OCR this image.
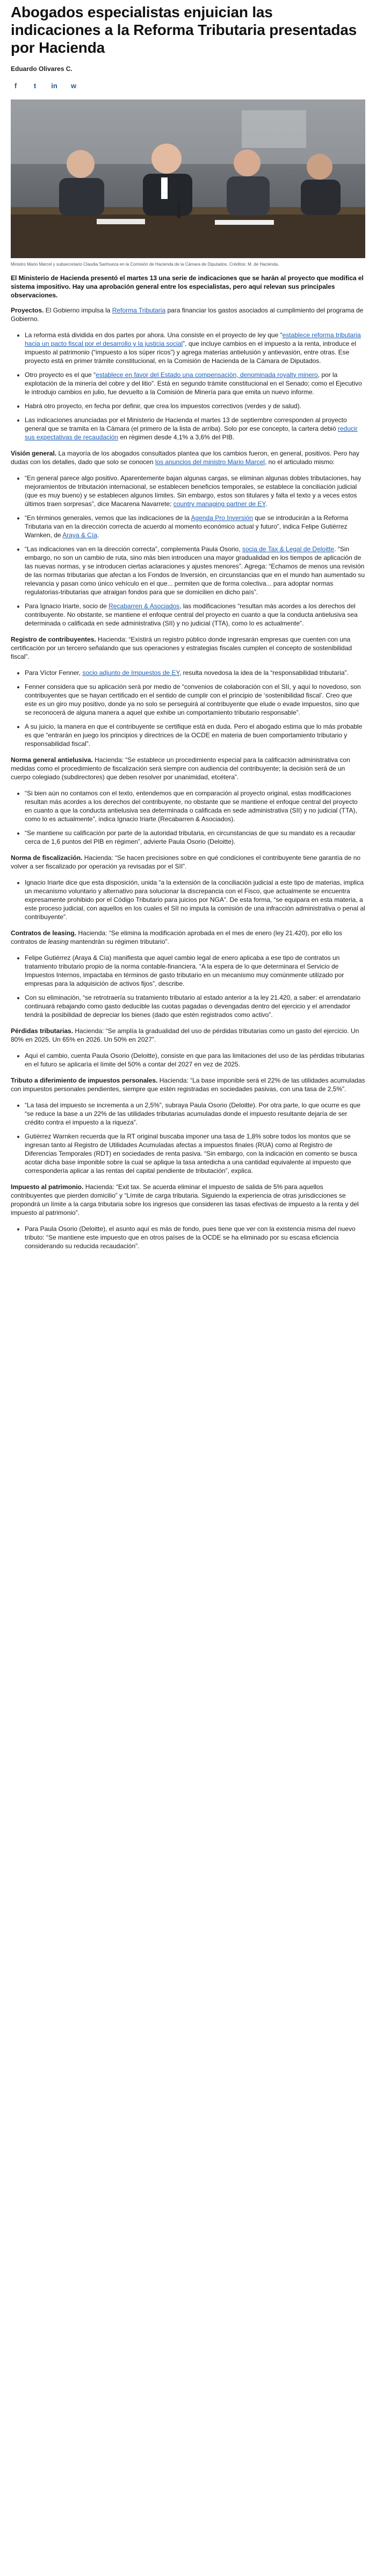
Abogados especialistas enjuician las indicaciones a la Reforma Tributaria presentadas por Hacienda
Eduardo Olivares C.
f	t	in	w
Ministro Mario Marcel y subsecretario Claudia Sanhueza en la Comisión de Hacienda de la Cámara de Diputados. Créditos: M. de Hacienda.
El Ministerio de Hacienda presentó el martes 13 una serie de indicaciones que se harán al proyecto que modifica el sistema impositivo. Hay una aprobación general entre los especialistas, pero aquí relevan sus principales observaciones.

Proyectos. El Gobierno impulsa la Reforma Tributaria para financiar los gastos asociados al cumplimiento del programa de Gobierno.

• La reforma está dividida en dos partes por ahora. Una consiste en el proyecto de ley que “establece reforma tributaria hacia un pacto fiscal por el desarrollo y la justicia social”, que incluye cambios en el impuesto a la renta, introduce el impuesto al patrimonio (“impuesto a los súper ricos”) y agrega materias antielusión y antievasión, entre otras. Ese proyecto está en primer trámite constitucional, en la Comisión de Hacienda de la Cámara de Diputados.
• Otro proyecto es el que “establece en favor del Estado una compensación, denominada royalty minero, por la explotación de la minería del cobre y del litio”. Está en segundo trámite constitucional en el Senado; como el Ejecutivo le introdujo cambios en julio, fue devuelto a la Comisión de Minería para que emita un nuevo informe.
• Habrá otro proyecto, en fecha por definir, que crea los impuestos correctivos (verdes y de salud).
• Las indicaciones anunciadas por el Ministerio de Hacienda el martes 13 de septiembre corresponden al proyecto general que se tramita en la Cámara (el primero de la lista de arriba). Solo por ese concepto, la cartera debió reducir sus expectativas de recaudación en régimen desde 4,1% a 3,6% del PIB.

Visión general. La mayoría de los abogados consultados plantea que los cambios fueron, en general, positivos. Pero hay dudas con los detalles, dado que solo se conocen los anuncios del ministro Mario Marcel, no el articulado mismo:

• “En general parece algo positivo. Aparentemente bajan algunas cargas, se eliminan algunas dobles tributaciones, hay mejoramientos de tributación internacional, se establecen beneficios temporales, se establece la conciliación judicial (que es muy bueno) y se establecen algunos límites. Sin embargo, estos son titulares y falta el texto y a veces estos últimos traen sorpresas”, dice Macarena Navarrete; country managing partner de EY.
• “En términos generales, vemos que las indicaciones de la Agenda Pro Inversión que se introducirán a la Reforma Tributaria van en la dirección correcta de acuerdo al momento económico actual y futuro”, indica Felipe Gutiérrez Warnken, de Araya & Cía.
• “Las indicaciones van en la dirección correcta”, complementa Paula Osorio, socia de Tax & Legal de Deloitte. “Sin embargo, no son un cambio de ruta, sino más bien introducen una mayor gradualidad en los tiempos de aplicación de las nuevas normas, y se introducen ciertas aclaraciones y ajustes menores”. Agrega: “Echamos de menos una revisión de las normas tributarias que afectan a los Fondos de Inversión, en circunstancias que en el mundo han aumentado su relevancia y pasan como único vehículo en el que... permiten que de forma colectiva... para adoptar normas regulatorias-tributarias que atraigan fondos para que se domicilien en dicho país”.
• Para Ignacio Iriarte, socio de Recabarren & Asociados, las modificaciones “resultan más acordes a los derechos del contribuyente. No obstante, se mantiene el enfoque central del proyecto en cuanto a que la conducta antielusiva sea determinada o calificada en sede administrativa (SII) y no judicial (TTA), como lo es actualmente”.

Registro de contribuyentes. Hacienda: “Existirá un registro público donde ingresarán empresas que cuenten con una certificación por un tercero señalando que sus operaciones y estrategias fiscales cumplen el concepto de sostenibilidad fiscal”.

• Para Víctor Fenner, socio adjunto de Impuestos de EY, resulta novedosa la idea de la “responsabilidad tributaria”.
• Fenner considera que su aplicación será por medio de “convenios de colaboración con el SII, y aquí lo novedoso, son contribuyentes que se hayan certificado en el sentido de cumplir con el principio de ‘sostenibilidad fiscal’. Creo que este es un giro muy positivo, donde ya no solo se perseguirá al contribuyente que elude o evade impuestos, sino que se reconocerá de alguna manera a aquel que exhibe un comportamiento tributario responsable”.
• A su juicio, la manera en que el contribuyente se certifique está en duda. Pero el abogado estima que lo más probable es que “entrarán en juego los principios y directrices de la OCDE en materia de buen comportamiento tributario y responsabilidad fiscal”.

Norma general antielusiva. Hacienda: “Se establece un procedimiento especial para la calificación administrativa con medidas como el procedimiento de fiscalización será siempre con audiencia del contribuyente; la decisión será de un cuerpo colegiado (subdirectores) que deben resolver por unanimidad, etcétera”.

• “Si bien aún no contamos con el texto, entendemos que en comparación al proyecto original, estas modificaciones resultan más acordes a los derechos del contribuyente, no obstante que se mantiene el enfoque central del proyecto en cuanto a que la conducta antielusiva sea determinada o calificada en sede administrativa (SII) y no judicial (TTA), como lo es actualmente”, indica Ignacio Iriarte (Recabarren & Asociados).
• “Se mantiene su calificación por parte de la autoridad tributaria, en circunstancias de que su mandato es a recaudar cerca de 1,6 puntos del PIB en régimen”, advierte Paula Osorio (Deloitte).

Norma de fiscalización. Hacienda: “Se hacen precisiones sobre en qué condiciones el contribuyente tiene garantía de no volver a ser fiscalizado por operación ya revisadas por el SII”.

• Ignacio Iriarte dice que esta disposición, unida “a la extensión de la conciliación judicial a este tipo de materias, implica un mecanismo voluntario y alternativo para solucionar la discrepancia con el Fisco, que actualmente se encuentra expresamente prohibido por el Código Tributario para juicios por NGA”. De esta forma, “se equipara en esta materia, a este proceso judicial, con aquellos en los cuales el SII no imputa la comisión de una infracción administrativa o penal al contribuyente”.

Contratos de leasing. Hacienda: “Se elimina la modificación aprobada en el mes de enero (ley 21.420), por ello los contratos de leasing mantendrán su régimen tributario”.

• Felipe Gutiérrez (Araya & Cía) manifiesta que aquel cambio legal de enero aplicaba a ese tipo de contratos un tratamiento tributario propio de la norma contable-financiera. “A la espera de lo que determinara el Servicio de Impuestos Internos, impactaba en términos de gasto tributario en un mecanismo muy comúnmente utilizado por empresas para la adquisición de activos fijos”, describe.
• Con su eliminación, “se retrotraería su tratamiento tributario al estado anterior a la ley 21.420, a saber: el arrendatario continuará rebajando como gasto deducible las cuotas pagadas o devengadas dentro del ejercicio y el arrendador tendrá la posibilidad de depreciar los bienes (dado que estén registrados como activo”.

Pérdidas tributarias. Hacienda: “Se amplía la gradualidad del uso de pérdidas tributarias como un gasto del ejercicio. Un 80% en 2025. Un 65% en 2026. Un 50% en 2027”.

• Aquí el cambio, cuenta Paula Osorio (Deloitte), consiste en que para las limitaciones del uso de las pérdidas tributarias en el futuro se aplicaría el límite del 50% a contar del 2027 en vez de 2025.

Tributo a diferimiento de impuestos personales. Hacienda: “La base imponible será el 22% de las utilidades acumuladas con impuestos personales pendientes, siempre que estén registradas en sociedades pasivas, con una tasa de 2,5%”.

• “La tasa del impuesto se incrementa a un 2,5%”, subraya Paula Osorio (Deloitte). Por otra parte, lo que ocurre es que “se reduce la base a un 22% de las utilidades tributarias acumuladas donde el impuesto resultante dejaría de ser crédito contra el impuesto a la riqueza”.
• Gutiérrez Warnken recuerda que la RT original buscaba imponer una tasa de 1,8% sobre todos los montos que se ingresan tanto al Registro de Utilidades Acumuladas afectas a impuestos finales (RUA) como al Registro de Diferencias Temporales (RDT) en sociedades de renta pasiva. “Sin embargo, con la indicación en comento se busca acotar dicha base imponible sobre la cual se aplique la tasa antedicha a una cantidad equivalente al impuesto que correspondería aplicar a las rentas del capital pendiente de tributación”, explica.

Impuesto al patrimonio. Hacienda: “Exit tax. Se acuerda eliminar el impuesto de salida de 5% para aquellos contribuyentes que pierden domicilio” y “Límite de carga tributaria. Siguiendo la experiencia de otras jurisdicciones se propondrá un límite a la carga tributaria sobre los ingresos que consideren las tasas efectivas de impuesto a la renta y del impuesto al patrimonio”.

• Para Paula Osorio (Deloitte), el asunto aquí es más de fondo, pues tiene que ver con la existencia misma del nuevo tributo: “Se mantiene este impuesto que en otros países de la OCDE se ha eliminado por su escasa eficiencia considerando su reducida recaudación”.
